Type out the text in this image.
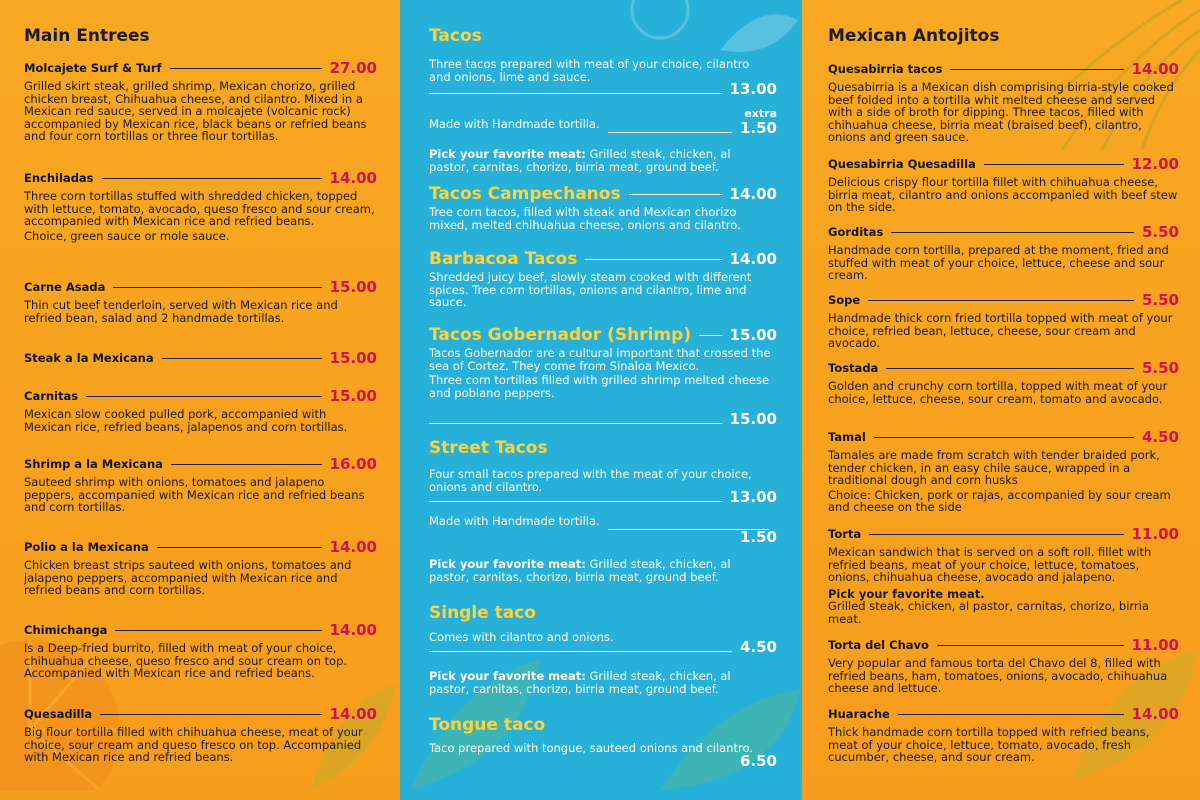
Main Entrees
Molcajete Surf & Turf	27.00
Grilled skirt steak, grilled shrimp, Mexican chorizo, grilled chicken breast, Chihuahua cheese, and cilantro. Mixed in a Mexican red sauce, served in a molcajete (volcanic rock) accompanied by Mexican rice, black beans or refried beans and four corn tortillas or three flour tortillas.
Enchiladas	14.00
Three corn tortillas stuffed with shredded chicken, topped with lettuce, tomato, avocado, queso fresco and sour cream, accompanied with Mexican rice and refried beans.
Choice, green sauce or mole sauce.
Carne Asada	15.00
Thin cut beef tenderloin, served with Mexican rice and refried bean, salad and 2 handmade tortillas.
Steak a la Mexicana	15.00
Carnitas	15.00
Mexican slow cooked pulled pork, accompanied with Mexican rice, refried beans, jalapenos and corn tortillas.
Shrimp a la Mexicana	16.00
Sauteed shrimp with onions, tomatoes and jalapeno peppers, accompanied with Mexican rice and refried beans and corn tortillas.
Polio a la Mexicana	14.00
Chicken breast strips sauteed with onions, tomatoes and jalapeno peppers, accompanied with Mexican rice and refried beans and corn tortillas.
Chimichanga	14.00
Is a Deep-fried burrito, filled with meat of your choice, chihuahua cheese, queso fresco and sour cream on top. Accompanied with Mexican rice and refried beans.
Quesadilla	14.00
Big flour tortilla filled with chihuahua cheese, meat of your choice, sour cream and queso fresco on top. Accompanied with Mexican rice and refried beans.
Tacos
Three tacos prepared with meat of your choice, cilantro and onions, lime and sauce.
13.00
Made with Handmade tortilla.
extra
1.50
Pick your favorite meat: Grilled steak, chicken, al pastor, carnitas, chorizo, birria meat, ground beef.
Tacos Campechanos	14.00
Tree corn tacos, filled with steak and Mexican chorizo mixed, melted chihuahua cheese, onions and cilantro.
Barbacoa Tacos	14.00
Shredded juicy beef, slowly steam cooked with different spices. Tree corn tortillas, onions and cilantro, lime and sauce.
Tacos Gobernador (Shrimp)	15.00
Tacos Gobernador are a cultural important that crossed the sea of Cortez. They come from Sinaloa Mexico.
Three corn tortillas filled with grilled shrimp melted cheese and poblano peppers.
15.00
Street Tacos
Four small tacos prepared with the meat of your choice, onions and cilantro.
13.00
Made with Handmade tortilla.
1.50
Pick your favorite meat: Grilled steak, chicken, al pastor, carnitas, chorizo, birria meat, ground beef.
Single taco
Comes with cilantro and onions.
4.50
Pick your favorite meat: Grilled steak, chicken, al pastor, carnitas, chorizo, birria meat, ground beef.
Tongue taco
Taco prepared with tongue, sauteed onions and cilantro.
6.50
Mexican Antojitos
Quesabirria tacos	14.00
Quesabirria is a Mexican dish comprising birria-style cooked beef folded into a tortilla whit melted cheese and served with a side of broth for dipping. Three tacos, filled with chihuahua cheese, birria meat (braised beef), cilantro, onions and green sauce.
Quesabirria Quesadilla	12.00
Delicious crispy flour tortilla fillet with chihuahua cheese, birria meat, cilantro and onions accompanied with beef stew on the side.
Gorditas	5.50
Handmade corn tortilla, prepared at the moment, fried and stuffed with meat of your choice, lettuce, cheese and sour cream.
Sope	5.50
Handmade thick corn fried tortilla topped with meat of your choice, refried bean, lettuce, cheese, sour cream and avocado.
Tostada	5.50
Golden and crunchy corn tortilla, topped with meat of your choice, lettuce, cheese, sour cream, tomato and avocado.
Tamal	4.50
Tamales are made from scratch with tender braided pork, tender chicken, in an easy chile sauce, wrapped in a traditional dough and corn husks
Choice: Chicken, pork or rajas, accompanied by sour cream and cheese on the side
Torta	11.00
Mexican sandwich that is served on a soft roll. fillet with refried beans, meat of your choice, lettuce, tomatoes, onions, chihuahua cheese, avocado and jalapeno.
Pick your favorite meat.
Grilled steak, chicken, al pastor, carnitas, chorizo, birria meat.
Torta del Chavo	11.00
Very popular and famous torta del Chavo del 8, filled with refried beans, ham, tomatoes, onions, avocado, chihuahua cheese and lettuce.
Huarache	14.00
Thick handmade corn tortilla topped with refried beans, meat of your choice, lettuce, tomato, avocado, fresh cucumber, cheese, and sour cream.
